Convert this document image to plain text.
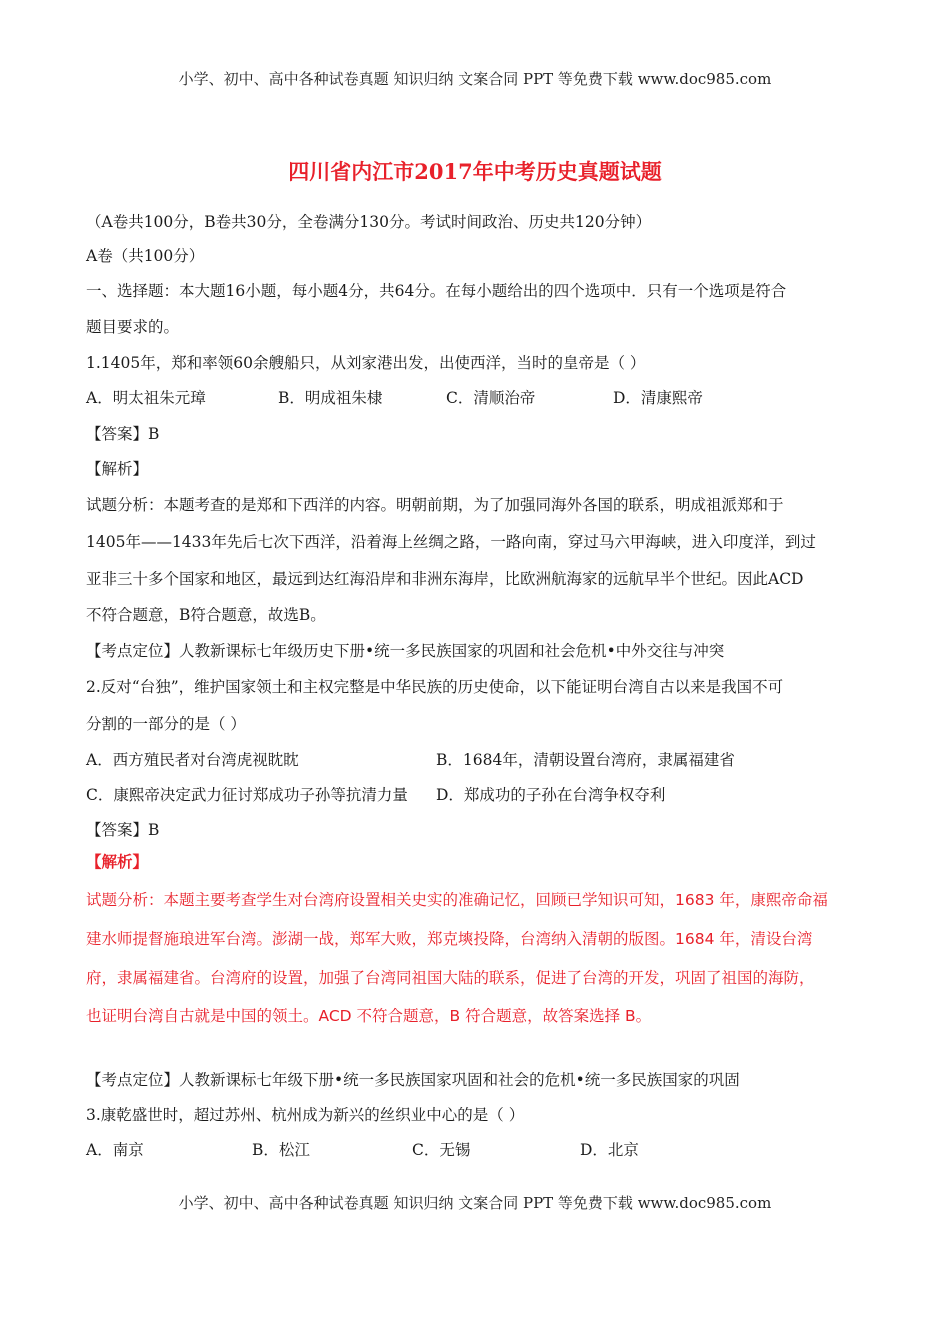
小学、初中、高中各种试卷真题 知识归纳 文案合同 PPT 等免费下载 www.doc985.com
四川省内江市2017年中考历史真题试题
（A卷共100分，B卷共30分，全卷满分130分。考试时间政治、历史共120分钟）
A卷（共100分）
一、选择题：本大题16小题，每小题4分，共64分。在每小题给出的四个选项中．只有一个选项是符合
题目要求的。
1.1405年，郑和率领60余艘船只，从刘家港出发，出使西洋，当时的皇帝是（ ）
A．明太祖朱元璋	B．明成祖朱棣	C．清顺治帝	D．清康熙帝
【答案】B
【解析】
试题分析：本题考查的是郑和下西洋的内容。明朝前期，为了加强同海外各国的联系，明成祖派郑和于
1405年——1433年先后七次下西洋，沿着海上丝绸之路，一路向南，穿过马六甲海峡，进入印度洋，到过
亚非三十多个国家和地区，最远到达红海沿岸和非洲东海岸，比欧洲航海家的远航早半个世纪。因此ACD
不符合题意，B符合题意，故选B。
【考点定位】人教新课标七年级历史下册•统一多民族国家的巩固和社会危机•中外交往与冲突
2.反对“台独”，维护国家领土和主权完整是中华民族的历史使命，以下能证明台湾自古以来是我国不可
分割的一部分的是（ ）
A．西方殖民者对台湾虎视眈眈	B．1684年，清朝设置台湾府，隶属福建省
C．康熙帝决定武力征讨郑成功子孙等抗清力量 D．郑成功的子孙在台湾争权夺利
【答案】B
【解析】
试题分析：本题主要考查学生对台湾府设置相关史实的准确记忆，回顾已学知识可知，1683 年，康熙帝命福
建水师提督施琅进军台湾。澎湖一战，郑军大败，郑克塽投降，台湾纳入清朝的版图。1684 年，清设台湾
府，隶属福建省。台湾府的设置，加强了台湾同祖国大陆的联系，促进了台湾的开发，巩固了祖国的海防，
也证明台湾自古就是中国的领土。ACD 不符合题意，B 符合题意，故答案选择 B。
【考点定位】人教新课标七年级下册•统一多民族国家巩固和社会的危机•统一多民族国家的巩固
3.康乾盛世时，超过苏州、杭州成为新兴的丝织业中心的是（ ）
A．南京	B．松江	C．无锡	D．北京
小学、初中、高中各种试卷真题 知识归纳 文案合同 PPT 等免费下载 www.doc985.com
